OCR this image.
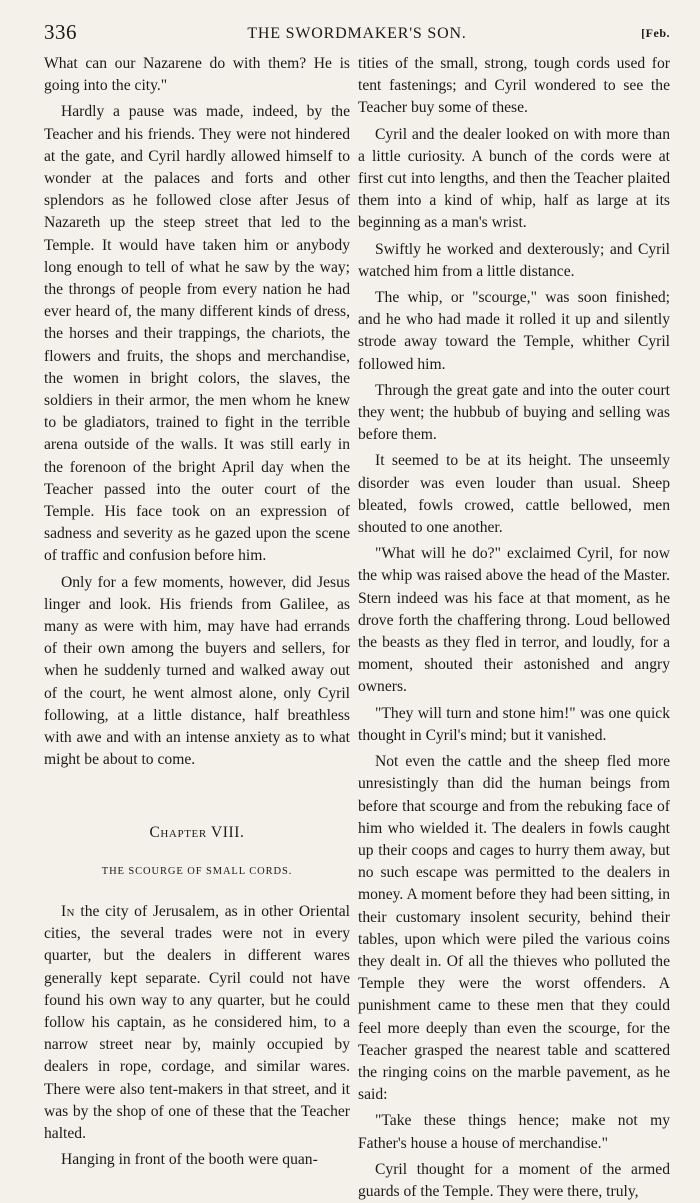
336	THE SWORDMAKER'S SON.	[Feb.

What can our Nazarene do with them? He is going into the city."

Hardly a pause was made, indeed, by the Teacher and his friends. They were not hindered at the gate, and Cyril hardly allowed himself to wonder at the palaces and forts and other splendors as he followed close after Jesus of Nazareth up the steep street that led to the Temple. It would have taken him or anybody long enough to tell of what he saw by the way; the throngs of people from every nation he had ever heard of, the many different kinds of dress, the horses and their trappings, the chariots, the flowers and fruits, the shops and merchandise, the women in bright colors, the slaves, the soldiers in their armor, the men whom he knew to be gladiators, trained to fight in the terrible arena outside of the walls. It was still early in the forenoon of the bright April day when the Teacher passed into the outer court of the Temple. His face took on an expression of sadness and severity as he gazed upon the scene of traffic and confusion before him.

Only for a few moments, however, did Jesus linger and look. His friends from Galilee, as many as were with him, may have had errands of their own among the buyers and sellers, for when he suddenly turned and walked away out of the court, he went almost alone, only Cyril following, at a little distance, half breathless with awe and with an intense anxiety as to what might be about to come.

Chapter VIII.
THE SCOURGE OF SMALL CORDS.

In the city of Jerusalem, as in other Oriental cities, the several trades were not in every quarter, but the dealers in different wares generally kept separate. Cyril could not have found his own way to any quarter, but he could follow his captain, as he considered him, to a narrow street near by, mainly occupied by dealers in rope, cordage, and similar wares. There were also tent-makers in that street, and it was by the shop of one of these that the Teacher halted.

Hanging in front of the booth were quan-

tities of the small, strong, tough cords used for tent fastenings; and Cyril wondered to see the Teacher buy some of these.

Cyril and the dealer looked on with more than a little curiosity. A bunch of the cords were at first cut into lengths, and then the Teacher plaited them into a kind of whip, half as large at its beginning as a man's wrist.

Swiftly he worked and dexterously; and Cyril watched him from a little distance.

The whip, or "scourge," was soon finished; and he who had made it rolled it up and silently strode away toward the Temple, whither Cyril followed him.

Through the great gate and into the outer court they went; the hubbub of buying and selling was before them.

It seemed to be at its height. The unseemly disorder was even louder than usual. Sheep bleated, fowls crowed, cattle bellowed, men shouted to one another.

"What will he do?" exclaimed Cyril, for now the whip was raised above the head of the Master. Stern indeed was his face at that moment, as he drove forth the chaffering throng. Loud bellowed the beasts as they fled in terror, and loudly, for a moment, shouted their astonished and angry owners.

"They will turn and stone him!" was one quick thought in Cyril's mind; but it vanished.

Not even the cattle and the sheep fled more unresistingly than did the human beings from before that scourge and from the rebuking face of him who wielded it. The dealers in fowls caught up their coops and cages to hurry them away, but no such escape was permitted to the dealers in money. A moment before they had been sitting, in their customary insolent security, behind their tables, upon which were piled the various coins they dealt in. Of all the thieves who polluted the Temple they were the worst offenders. A punishment came to these men that they could feel more deeply than even the scourge, for the Teacher grasped the nearest table and scattered the ringing coins on the marble pavement, as he said:

"Take these things hence; make not my Father's house a house of merchandise."

Cyril thought for a moment of the armed guards of the Temple. They were there, truly,
